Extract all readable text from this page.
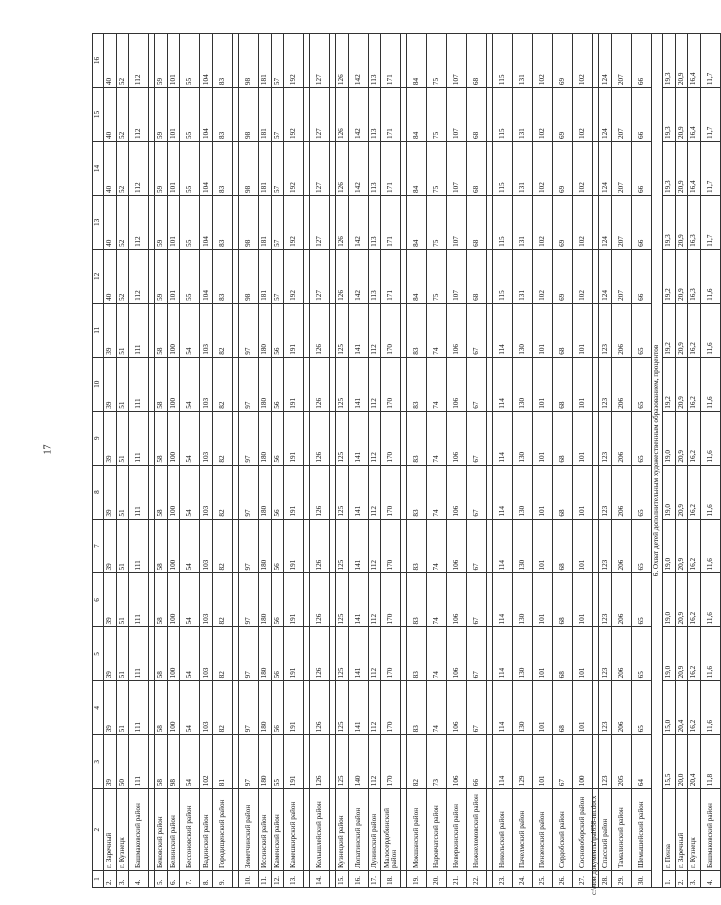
17
1	2	3	4	5	6	7	8	9	10	11	12	13	14	15	16
2.	г. Заречный	39	39	39	39	39	39	39	39	39	40	40	40	40	40
3.	г. Кузнецк	50	51	51	51	51	51	51	51	51	52	52	52	52	52
4.	Башмаковский район	111	111	111	111	111	111	111	111	111	112	112	112	112	112

5.	Бековский район	58	58	58	58	58	58	58	58	58	59	59	59	59	59
6.	Белинский район	98	100	100	100	100	100	100	100	100	101	101	101	101	101
7.	Бессоновский район	54	54	54	54	54	54	54	54	54	55	55	55	55	55
8.	Вадинский район	102	103	103	103	103	103	103	103	103	104	104	104	104	104
9.	Городищенский район	81	82	82	82	82	82	82	82	82	83	83	83	83	83

10.	Земетчинский район	97	97	97	97	97	97	97	97	97	98	98	98	98	98
11.	Иссинский район	180	180	180	180	180	180	180	180	180	181	181	181	181	181
12.	Каменский район	55	56	56	56	56	56	56	56	56	57	57	57	57	57
13.	Камешкирский район	191	191	191	191	191	191	191	191	191	192	192	192	192	192

14.	Колышлейский район	126	126	126	126	126	126	126	126	126	127	127	127	127	127

15.	Кузнецкий район	125	125	125	125	125	125	125	125	125	126	126	126	126	126
16.	Лопатинский район	140	141	141	141	141	141	141	141	141	142	142	142	142	142
17.	Лунинский район	112	112	112	112	112	112	112	112	112	113	113	113	113	113
18.	Малосердобинский район	170	170	170	170	170	170	170	170	170	171	171	171	171	171

19.	Мокшанский район	82	83	83	83	83	83	83	83	83	84	84	84	84	84
20.	Наровчатский район	73	74	74	74	74	74	74	74	74	75	75	75	75	75
21.	Неверкинский район	106	106	106	106	106	106	106	106	106	107	107	107	107	107
22.	Нижнеломовский район	66	67	67	67	67	67	67	67	67	68	68	68	68	68

23.	Никольский район	114	114	114	114	114	114	114	114	114	115	115	115	115	115
24.	Пачелмский район	129	130	130	130	130	130	130	130	130	131	131	131	131	131
25.	Пензенский район	101	101	101	101	101	101	101	101	101	102	102	102	102	102
26.	Сердобский район	67	68	68	68	68	68	68	68	68	69	69	69	69	69
27.	Сосновоборский район	100	101	101	101	101	101	101	101	101	102	102	102	102	102

28.	Спасский район	123	123	123	123	123	123	123	123	123	124	124	124	124	124
29.	Тамалинский район	205	206	206	206	206	206	206	206	206	207	207	207	207	207
30.	Шемышейский район	64	65	65	65	65	65	65	65	65	66	66	66	66	66
6. Охват детей дополнительным художественным образованием, процентов															
1.	г. Пенза	15,5	15,0	19,0	19,0	19,0	19,0	19,0	19,2	19,2	19,2	19,3	19,3	19,3	19,3
2.	г. Заречный	20,0	20,4	20,9	20,9	20,9	20,9	20,9	20,9	20,9	20,9	20,9	20,9	20,9	20,9
3.	г. Кузнецк	20,4	16,2	16,2	16,2	16,2	16,2	16,2	16,2	16,2	16,3	16,3	16,4	16,4	16,4
4.	Башмаковский район	11,8	11,6	11,6	11,6	11,6	11,6	11,6	11,6	11,6	11,6	11,7	11,7	11,7	11,7
c:\мои документы\pal658-пп.docx
